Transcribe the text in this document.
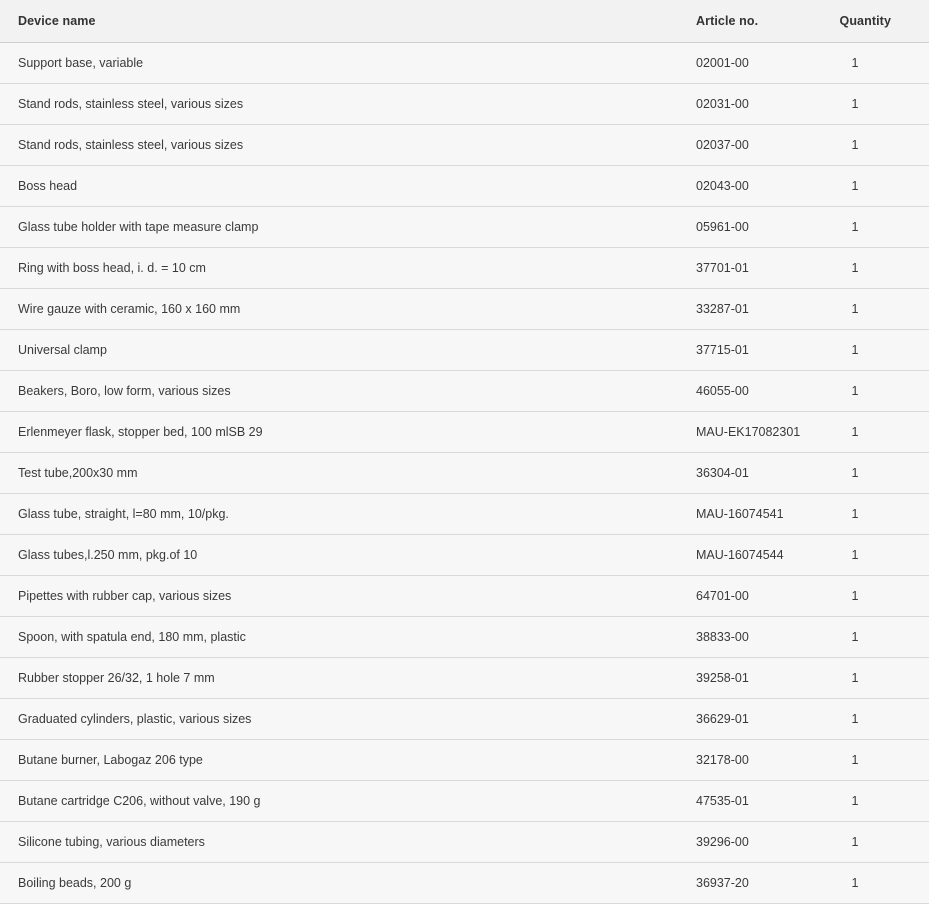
Device name	Article no.	Quantity
Support base, variable	02001-00	1
Stand rods, stainless steel, various sizes	02031-00	1
Stand rods, stainless steel, various sizes	02037-00	1
Boss head	02043-00	1
Glass tube holder with tape measure clamp	05961-00	1
Ring with boss head, i. d. = 10 cm	37701-01	1
Wire gauze with ceramic, 160 x 160 mm	33287-01	1
Universal clamp	37715-01	1
Beakers, Boro, low form, various sizes	46055-00	1
Erlenmeyer flask, stopper bed, 100 mlSB 29	MAU-EK17082301	1
Test tube,200x30 mm	36304-01	1
Glass tube, straight, l=80 mm, 10/pkg.	MAU-16074541	1
Glass tubes,l.250 mm, pkg.of 10	MAU-16074544	1
Pipettes with rubber cap, various sizes	64701-00	1
Spoon, with spatula end, 180 mm, plastic	38833-00	1
Rubber stopper 26/32, 1 hole 7 mm	39258-01	1
Graduated cylinders, plastic, various sizes	36629-01	1
Butane burner, Labogaz 206 type	32178-00	1
Butane cartridge C206, without valve, 190 g	47535-01	1
Silicone tubing, various diameters	39296-00	1
Boiling beads, 200 g	36937-20	1
